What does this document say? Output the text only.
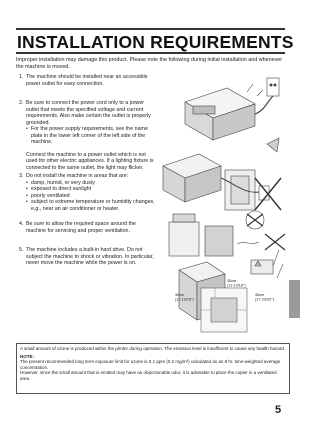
INSTALLATION REQUIREMENTS
Improper installation may damage this product. Please note the following during initial installation and whenever the machine is moved.
1. The machine should be installed near an accessible power outlet for easy connection.
2. Be sure to connect the power cord only to a power outlet that meets the specified voltage and current requirements. Also make certain the outlet is properly grounded.
• For the power supply requirements, see the name plate in the lower left corner of the left side of the machine.
Connect the machine to a power outlet which is not used for other electric appliances. If a lighting fixture is connected to the same outlet, the light may flicker.
3. Do not install the machine in areas that are:
• damp, humid, or very dusty
• exposed to direct sunlight
• poorly ventilated
• subject to extreme temperature or humidity changes, e.g., near an air conditioner or heater.
4. Be sure to allow the required space around the machine for servicing and proper ventilation.
5. The machine includes a built-in hard drive. Do not subject the machine to shock or vibration. In particular, never move the machine while the power is on.
30cm
(11-13/16")
30cm
(11-13/16")
45cm
(17-23/32")
A small amount of ozone is produced within the printer during operation. The emission level is insufficient to cause any health hazard.
NOTE:
The present recommended long term exposure limit for ozone is 0.1 ppm (0.2 mg/m³) calculated as an 8 hr. time-weighted average concentration.
However, since the small amount that is emitted may have an objectionable odor, it is advisable to place the copier in a ventilated area.
5
